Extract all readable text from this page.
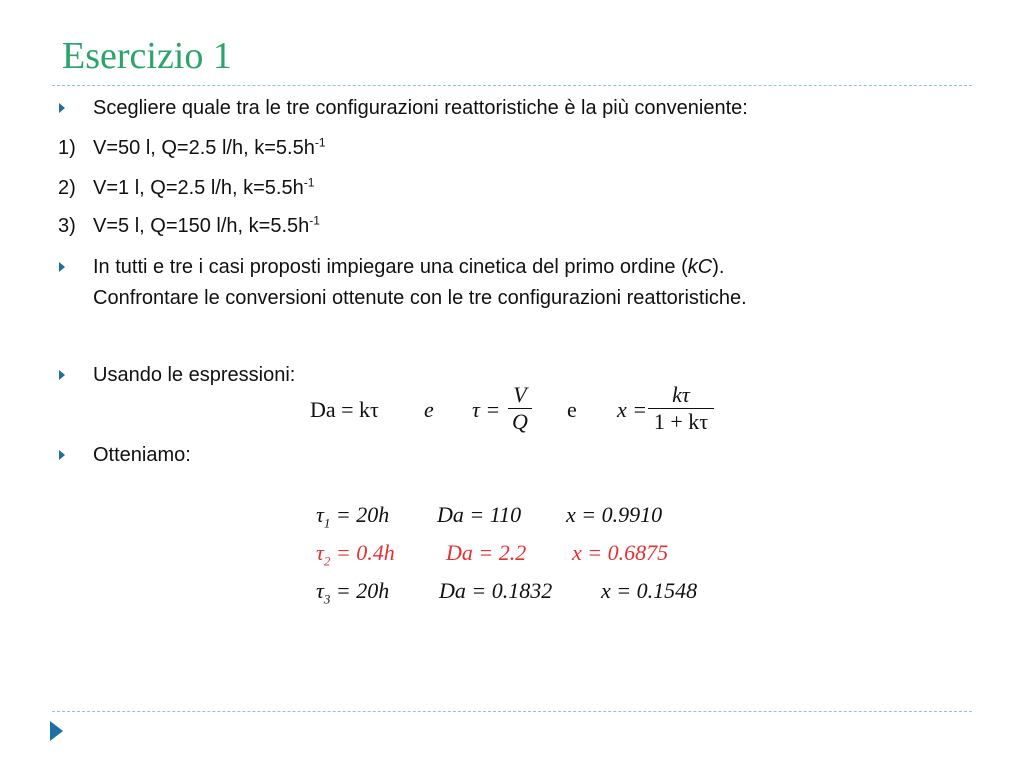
Esercizio 1
Scegliere quale tra le tre configurazioni reattoristiche è la più conveniente:
1) V=50 l, Q=2.5 l/h, $k=5.5h^{-1}$
2) V=1 l, Q=2.5 l/h, $k=5.5h^{-1}$
3) V=5 l, Q=150 l/h, $k=5.5h^{-1}$
In tutti e tre i casi proposti impiegare una cinetica del primo ordine (kC).
Confrontare le conversioni ottenute con le tre configurazioni reattoristiche.
Usando le espressioni:
Da = kτ e $\tau = \frac{V}{Q}$ e $x = \frac{k\tau}{1 + k\tau}$
Otteniamo:
$\tau_1 = 20h$ Da = 110 x = 0.9910
$\tau_2 = 0.4h$ Da = 2.2 x = 0.6875
$\tau_3 = 20h$ Da = 0.1832 x = 0.1548
